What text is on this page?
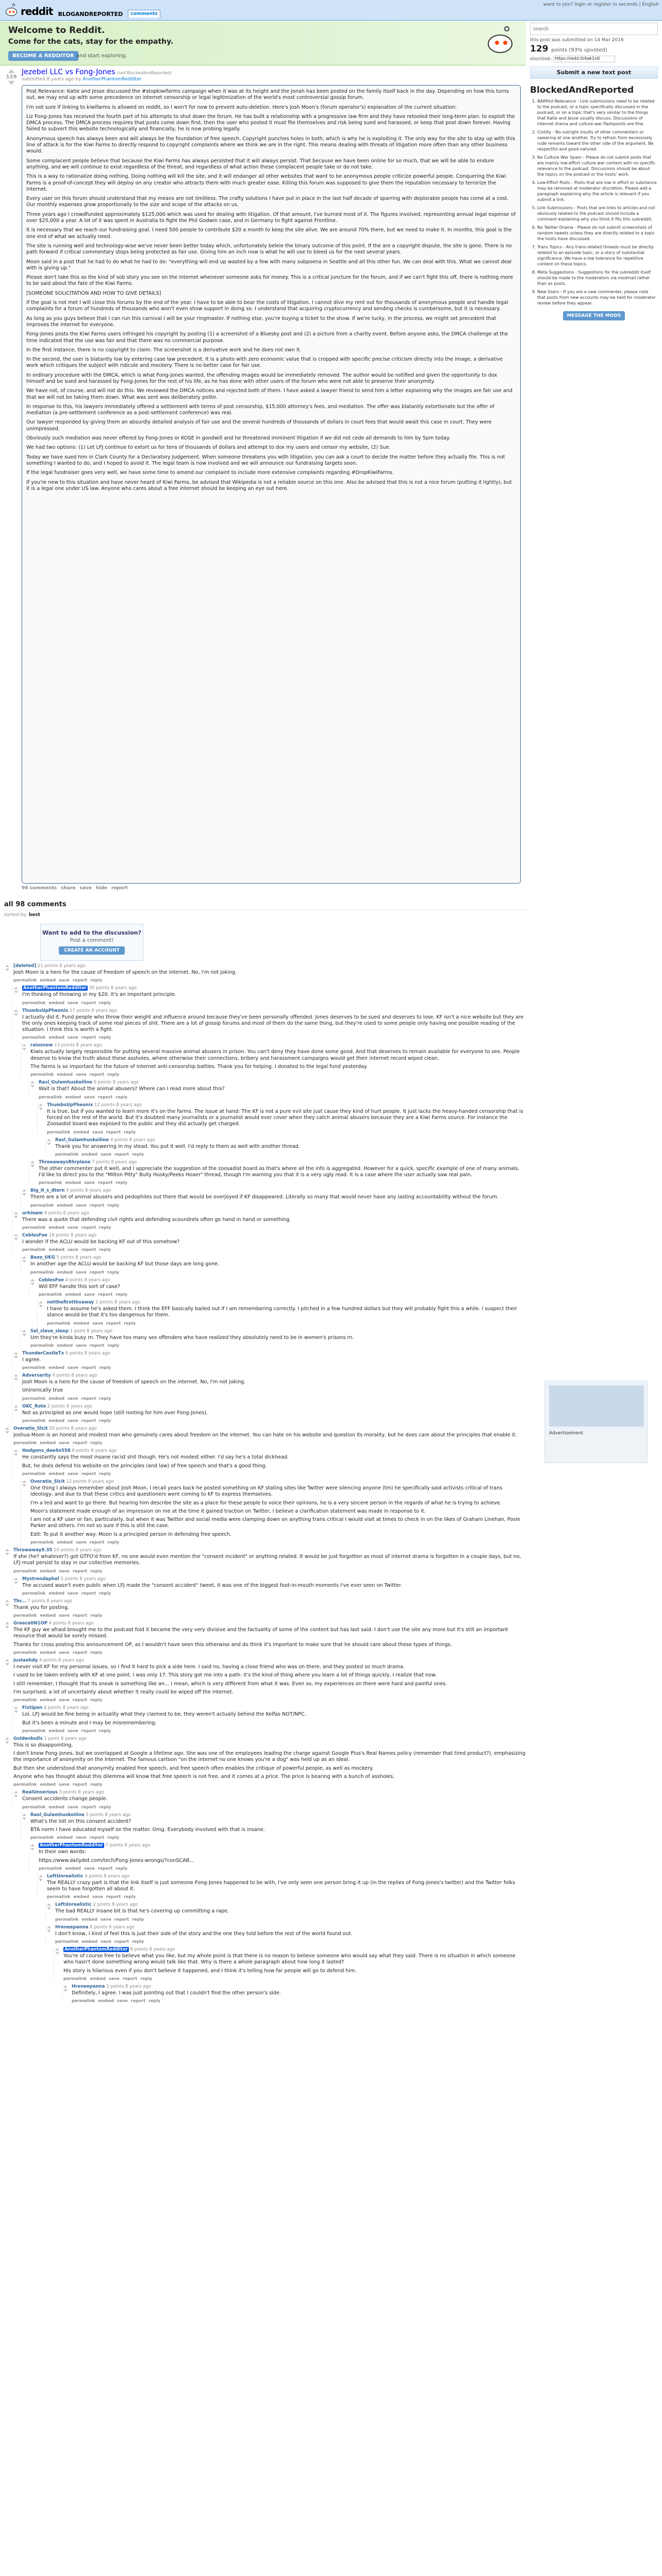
reddit BLOGANDREPORTED	comments
want to join? login or register in seconds | English
Welcome to Reddit.
Come for the cats, stay for the empathy.
BECOME A REDDITOR and start exploring.
search
this post was submitted on 14 Mar 2016
129 points (93% upvoted)
shortlink: https://redd.it/4ak1n0
Submit a new text post
BlockedAndReported
1. BARPod Relevance - Link submissions need to be related to the podcast, or a topic specifically discussed in the podcast, or on a topic that's very similar to the things that Katie and Jesse usually discuss. Discussions of internet drama and culture-war flashpoints are fine.
2. Civility - No outright insults of other commenters or swearing at one another. Try to refrain from excessively rude remarks toward the other side of the argument. Be respectful and good-natured.
3. No Culture War Spam - Please do not submit posts that are mainly low-effort culture war content with no specific relevance to the podcast. Discussions should be about the topics on the podcast or the hosts' work.
4. Low-Effort Posts - Posts that are low in effort or substance may be removed at moderator discretion. Please add a paragraph explaining why the article is relevant if you submit a link.
5. Link Submissions - Posts that are links to articles and not obviously related to the podcast should include a comment explaining why you think it fits this subreddit.
6. No Twitter Drama - Please do not submit screenshots of random tweets unless they are directly related to a topic the hosts have discussed.
7. Trans Topics - Any trans-related threads must be directly related to an episode topic, or a story of substantial significance. We have a low tolerance for repetitive content on these topics.
8. Meta Suggestions - Suggestions for the subreddit itself should be made to the moderators via modmail rather than as posts.
9. New Users - If you are a new commenter, please note that posts from new accounts may be held for moderator review before they appear.
MESSAGE THE MODS
129
Jezebel LLC vs Fong-Jones (self.BlockedAndReported)
submitted 8 years ago by AnotherPhantomRedditor

Post Relevance: Katie and Jesse discussed the #stopkiwifarms campaign when it was at its height and the Jonah has been posted on the family itself back in the day. Depending on how this turns out, we may end up with some precedence on internet censorship or legal legitimization of the world's most controversial gossip forum.

I'm not sure if linking to kiwifarms is allowed on reddit, so I won't for now to prevent auto-deletion. Here's Josh Moon's (forum operator's) explanation of the current situation:

Liz Fong-Jones has received the fourth part of his attempts to shut down the forum. He has built a relationship with a progressive law firm and they have retooled their long-term plan: to exploit the DMCA process. The DMCA process requires that posts come down first, then the user who posted it must file themselves and risk being sued and harassed, or keep that post down forever. Having failed to subvert this website technologically and financially, he is now probing legally.

Anonymous speech has always been and will always be the foundation of free speech. Copyright punches holes in both, which is why he is exploiting it. The only way for the site to stay up with this line of attack is for the Kiwi Farms to directly respond to copyright complaints where we think we are in the right. This means dealing with threats of litigation more often than any other business would.

Some complacent people believe that because the Kiwi Farms has always persisted that it will always persist. That because we have been online for so much, that we will be able to endure anything, and we will continue to exist regardless of the threat, and regardless of what action these complacent people take or do not take.

This is a way to rationalize doing nothing. Doing nothing will kill the site, and it will endanger all other websites that want to be anonymous people criticize powerful people. Conquering the Kiwi Farms is a proof-of-concept they will deploy on any creator who attracts them with much greater ease. Killing this forum was supposed to give them the reputation necessary to terrorize the internet.

Every user on this forum should understand that my means are not limitless. The crafty solutions I have put in place in the last half decade of sparring with deplorable people has come at a cost. Our monthly expenses grow proportionally to the size and scope of the attacks on us.

Three years ago I crowdfunded approximately $125,000 which was used for dealing with litigation. Of that amount, I've burned most of it. The figures involved, representing annual legal expense of over $25,000 a year. A lot of it was spent in Australia to fight the Phil Godwin case, and in Germany to fight against Frontline.

It is necessary that we reach our fundraising goal. I need 500 people to contribute $20 a month to keep the site alive. We are around 70% there, but we need to make it. In months, this goal is the one end of what we actually need.

The site is running well and technology-wise we've never been better today which, unfortunately beleie the binary outcome of this point. If the are a copyright dispute, the site is gone. There is no path forward if critical commentary stops being protected as fair use. Giving him an inch now is what he will use to bleed us for the next several years.

Moon said in a post that he had to do what he had to do: "everything will end up wasted by a few with many subpoena in Seattle and all this other fun. We can deal with this. What we cannot deal with is giving up."

Please don't take this as the kind of sob story you see on the internet whenever someone asks for money. This is a critical juncture for the forum, and if we can't fight this off, there is nothing more to be said about the fate of the Kiwi Farms.

[SOMEONE SOLICITATION AND HOW TO GIVE DETAILS]

If the goal is not met I will close this forums by the end of the year. I have to be able to bear the costs of litigation. I cannot dive my rent out for thousands of anonymous people and handle legal complaints for a forum of hundreds of thousands who won't even show support in doing so. I understand that acquiring cryptocurrency and sending checks is cumbersome, but it is necessary.

As long as you guys believe that I can run this carnival I will be your ringmaster. If nothing else, you're buying a ticket to the show. If we're lucky, in the process, we might set precedent that improves the internet for everyone.

Fong-Jones posts the Kiwi Farms users infringed his copyright by posting (1) a screenshot of a Bluesky post and (2) a picture from a charity event. Before anyone asks, the DMCA challenge at the time indicated that the use was fair and that there was no commercial purpose.

In the first instance, there is no copyright to claim. The screenshot is a derivative work and he does not own it.

In the second, the user is blatantly low by entering case law precedent. It is a photo with zero economic value that is cropped with specific precise criticism directly into the image, a derivative work which critiques the subject with ridicule and mockery. There is no better case for fair use.

In ordinary procedure with the DMCA, which is what Fong-Jones wanted, the offending images would be immediately removed. The author would be notified and given the opportunity to dox himself and be sued and harassed by Fong-Jones for the rest of his life, as he has done with other users of the forum who were not able to preserve their anonymity.

We have not, of course, and will not do this. We reviewed the DMCA notices and rejected both of them. I have asked a lawyer friend to send him a letter explaining why the images are fair use and that we will not be taking them down. What was sent was deliberately polite.

In response to this, his lawyers immediately offered a settlement with terms of post censorship, $15,000 attorney's fees, and mediation. The offer was blatantly extortionate but the offer of mediation (a pre-settlement conference as a post-settlement conference) was real.

Our lawyer responded by giving them an absurdly detailed analysis of fair use and the several hundreds of thousands of dollars in court fees that would await this case in court. They were unimpressed.

Obviously such mediation was never offered by Fong-Jones or KOSE in goodwill and he threatened imminent litigation if we did not cede all demands to him by 5pm today.

We had two options: (1) Let LFJ continue to extort us for tens of thousands of dollars and attempt to dox my users and censor my website, (2) Sue.

Today we have sued him in Clark County for a Declaratory Judgement. When someone threatens you with litigation, you can ask a court to decide the matter before they actually file. This is not something I wanted to do, and I hoped to avoid it. The legal team is now involved and we will announce our fundraising targets soon.

If the legal fundraiser goes very well, we have some time to amend our complaint to include more extensive complaints regarding #DropKiwiFarms.

If you're new to this situation and have never heard of Kiwi Farms, be advised that Wikipedia is not a reliable source on this one. Also be advised that this is not a nice forum (putting it lightly), but it is a legal one under US law. Anyone who cares about a free internet should be keeping an eye out here.

98 comments share save hide report
all 98 comments
sorted by: best
Want to add to the discussion?
Post a comment!
CREATE AN ACCOUNT
[deleted] 21 points 8 years ago

Josh Moon is a hero for the cause of freedom of speech on the internet. No, I'm not joking.

permalink embed save report reply
AnotherPhantomRedditor 30 points 8 years ago

I'm thinking of throwing in my $20. It's an important principle.

permalink embed save report reply
ThumbsUpPheonix 17 points 8 years ago

I actually did it. Fund people who throw their weight and influence around because they've been personally offended. Jones deserves to be sued and deserves to lose. KF isn't a nice website but they are the only ones keeping track of some real pieces of shit. There are a lot of gossip forums and most of them do the same thing, but they're used to some people only having one possible reading of the situation. I think this is worth a fight.

permalink embed save report reply
raiosnow 13 points 8 years ago

Kiwis actually largely responsible for putting several massive animal abusers in prison. You can't deny they have done some good. And that deserves to remain available for everyone to see. People deserve to know the truth about these assholes, where otherwise their connections, bribery and harassment campaigns would get their internet record wiped clean.

The farms is so important for the future of internet anti-censorship battles. Thank you for helping. I donated to the legal fund yesterday.

permalink embed save report reply
Rasl_Gulamhuskoiline 6 points 8 years ago

Wait is that? About the animal abusers? Where can I read more about this?

permalink embed save report reply
ThumbsUpPheonix 12 points 8 years ago

It is true, but if you wanted to learn more it's on the farms. The issue at hand: The KF is not a pure evil site just cause they kind of hurt people. It just lacks the heavy-handed censorship that is forced on the rest of the world. But it's doubted many journalists or a journalist would ever cover when they catch animal abusers because they are a Kiwi Farms source. For instance the Zoosadist board was exposed to the public and they did actually get charged.

permalink embed save report reply
Rasl_Gulamhuskoiline 4 points 8 years ago

Thank you for answering in my stead. You put it well. I'd reply to them as well with another thread.

permalink embed save report reply
ThreeawaysRhrplane 7 points 8 years ago

The other commenter put it well, and I appreciate the suggestion of the zoosadist board as that's where all the info is aggregated. However for a quick, specific example of one of many animals, I'd like to direct you to the "Milton Pitty" Bully Husky/Peeks Hoaer" thread, though I'm warning you that it is a very ugly read. It is a case where the user actually saw real pain.

permalink embed save report reply
Big_it_s_dtern 5 points 8 years ago

There are a lot of animal abusers and pedophiles out there that would be overjoyed if KF disappeared. Literally so many that would never have any lasting accountability without the forum.

permalink embed save report reply
urbinam 9 points 8 years ago

There was a quote that defending civil rights and defending scoundrels often go hand in hand or something.

permalink embed save report reply
CeblesFoe 18 points 8 years ago

I wonder if the ACLU would be backing KF out of this somehow?

permalink embed save report reply
Bezo_UKG 5 points 8 years ago

In another age the ACLU would be backing KF but those days are long gone.

permalink embed save report reply
CeblesFoe 4 points 8 years ago

Will EFF handle this sort of case?

permalink embed save report reply
notthefirstthsaway 2 points 8 years ago

I have to assume he's asked them. I think the EFF basically bailed out if I am remembering correctly. I pitched in a few hundred dollars but they will probably fight this a while. I suspect their stance would be that it's too dangerous for them.

permalink embed save report reply
Sel_slave_sleep 1 point 8 years ago

Um they're kinda busy rn. They have too many sex offenders who have realized they absolutely need to be in women's prisons rn.

permalink embed save report reply
ThunderCastleTx 6 points 8 years ago

I agree.

permalink embed save report reply
Adversarity 4 points 8 years ago

Josh Moon is a hero for the cause of freedom of speech on the internet. No, I'm not joking.

Unironically true

permalink embed save report reply
OKC_Roto 2 points 8 years ago

Not as principled as one would hope (still rooting for him over Fong-Jones).

permalink embed save report reply
Overatio_Slcit 20 points 8 years ago

Joshua Moon is an honest and modest man who genuinely cares about freedom on the internet. You can hate on his website and question its morality, but he does care about the principles that enable it.

permalink embed save report reply
Hodgons_dae4n558 6 points 8 years ago

He constantly says the most insane racist shit though. He's not modest either. I'd say he's a total dickhead.

But, he does defend his website on the principles (and law) of free speech and that's a good thing.

permalink embed save report reply
Overatio_Slcit 12 points 8 years ago

One thing I always remember about Josh Moon, I recall years back he posted something on KF stating sites like Twitter were silencing anyone (tm) he specifically said activists critical of trans ideology, and due to that these critics and questioners were coming to KF to express themselves.

I'm a ted and want to go there. But hearing him describe the site as a place for these people to voice their opinions, he is a very sincere person in the regards of what he is trying to achieve.

Moon's statement made enough of an impression on me at the time it gained traction on Twitter, I believe a clarification statement was made in response to it.

I am not a KF user or fan, particularly, but when it was Twitter and social media were clamping down on anything trans critical I would visit at times to check in on the likes of Graham Linehan, Posie Parker and others. I'm not so sure if this is still the case.

Edit: To put it another way: Moon is a principled person in defending free speech.

permalink embed save report reply
Throwaway9.35 10 points 8 years ago

If she (he? whatever?) got GTFO'd from KF, no one would even mention the "consent incident" or anything related. It would be just forgotten as most of internet drama is forgotten in a couple days, but no, LFJ must persist to stay in our collective memories.

permalink embed save report reply
Mystrendaphel 5 points 8 years ago

The accused wasn't even public when LFJ made the "consent accident" tweet, it was one of the biggest foot-in-mouth moments I've ever seen on Twitter.

permalink embed save report reply
Thr... 7 points 8 years ago

Thank you for posting.

permalink embed save report reply
Greece0N1OP 4 points 8 years ago

The KF guy we afraid brought me to the podcast fold it became the very very divisive and the factuality of some of the content but has last said. I don't use the site any more but it's still an important resource that would be sorely missed.

Thanks for cross posting this announcement OP, as I wouldn't have seen this otherwise and do think it's important to make sure that he should care about these types of things.

permalink embed save report reply
justaohdy 4 points 8 years ago

I never visit KF for my personal issues, so I find it hard to pick a side here. I said no, having a close friend who was on there, and they posted so much drama.

I used to be taken entirely with KF at one point. I was only 17. This story got me into a path: it's the kind of thing where you learn a lot of things quickly, I realize that now.

I still remember, I thought that its sneak is something like an... I mean, which is very different from what it was. Even so, my experiences on there were hard and painful ones.

I'm surprised, a lot of uncertainty about whether it really could be wiped off the internet.

permalink embed save report reply
Fixtipan 4 points 8 years ago

Lol, LFJ would be fine being in actuality what they claimed to be, they weren't actually behind the Kelfas NOT/NPC.

But it's been a minute and I may be misremembering.

permalink embed save report reply
Goldenbulls 1 point 8 years ago

This is so disappointing.

I don't know Fong-Jones, but we overlapped at Google a lifetime ago. She was one of the employees leading the charge against Google Plus's Real Names policy (remember that tired product?), emphasizing the importance of anonymity on the Internet. The famous cartoon "on the internet no one knows you're a dog" was held up as an ideal.

But then she understood that anonymity enabled free speech, and free speech often enables the critique of powerful people, as well as mockery.

Anyone who has thought about this dilemma will know that free speech is not free, and it comes at a price. The price is bearing with a bunch of assholes.

permalink embed save report reply
RealUnserious 3 points 8 years ago

Consent accidents change people.

permalink embed save report reply
Raol_Gulamhuskoiline 5 points 8 years ago

What's the lolt on this consent accident?

BTA norm I have educated myself on the matter. Omg. Everybody involved with that is insane.

permalink embed save report reply
AnotherPhantomRedditor 7 points 8 years ago

In their own words:

https://www.dailydot.com/tech/Fong-Jones-wrongs/?conSCAB...

permalink embed save report reply
LeftUnrealistic 4 points 8 years ago

The REALLY crazy part is that the link itself is just someone Fong-Jones happened to be with, I've only seen one person bring it up (in the replies of Fong-Jones's twitter) and the Twitter folks seem to have forgotten all about it.

permalink embed save report reply
LeftUnrealistic 2 points 8 years ago

The bad REALLY insane bit is that he's covering up committing a rape.

permalink embed save report reply
Hreneepanna 8 points 8 years ago

I don't know, I kind of feel this is just their side of the story and the one they told before the rest of the world found out.

permalink embed save report reply
AnotherPhantomRedditor 6 points 8 years ago

You're of course free to believe what you like, but my whole point is that there is no reason to believe someone who would say what they said. There is no situation in which someone who hasn't done something wrong would talk like that. Why is there a whole paragraph about how long it lasted?

His story is hilarious even if you don't believe it happened, and I think it's telling how far people will go to defend him.

permalink embed save report reply
Hreneepanna 3 points 8 years ago

Definitely, I agree. I was just pointing out that I couldn't find the other person's side.

permalink embed save report reply
Advertisement
